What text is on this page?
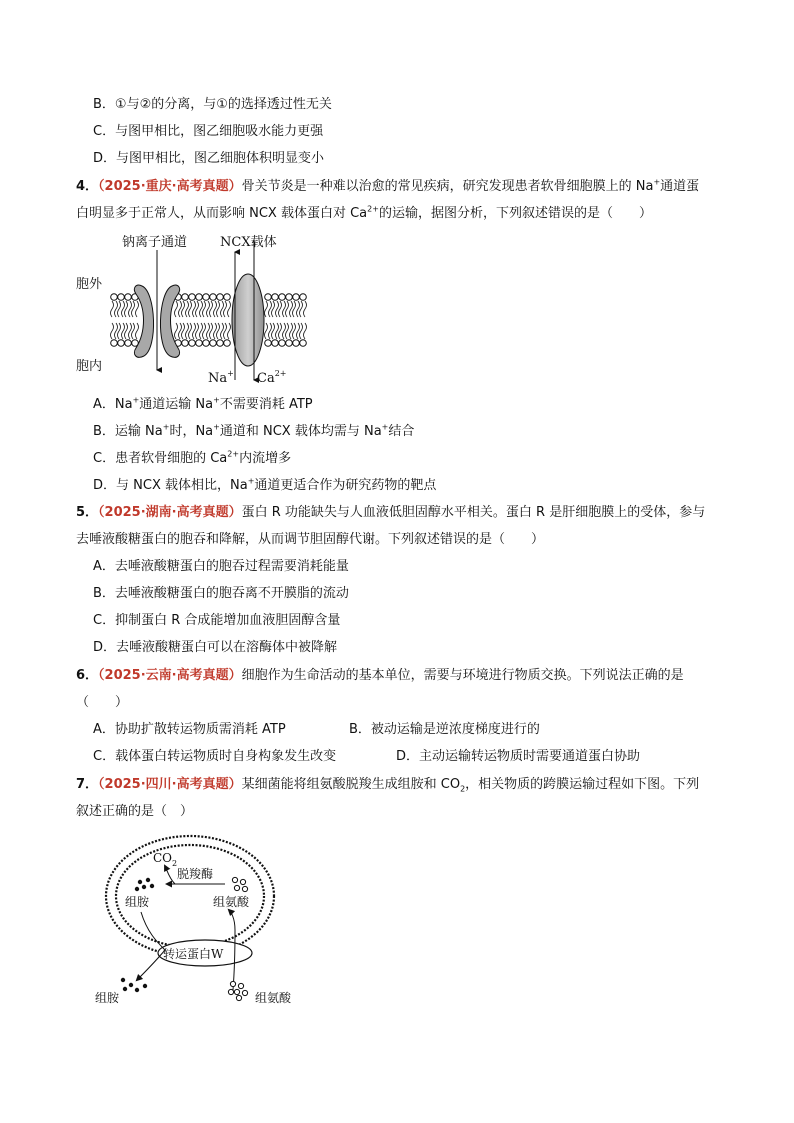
B．①与②的分离，与①的选择透过性无关
C．与图甲相比，图乙细胞吸水能力更强
D．与图甲相比，图乙细胞体积明显变小
4．（2025·重庆·高考真题）骨关节炎是一种难以治愈的常见疾病，研究发现患者软骨细胞膜上的 Na+通道蛋
白明显多于正常人，从而影响 NCX 载体蛋白对 $Ca^{2+}$的运输，据图分析，下列叙述错误的是（　　）
钠离子通道	NCX载体
胞外
胞内
Na+ $Ca^{2+}$
A．Na+通道运输 Na+不需要消耗 ATP
B．运输 Na+时，Na+通道和 NCX 载体均需与 Na+结合
C．患者软骨细胞的 $Ca^{2+}$内流增多
D．与 NCX 载体相比，Na+通道更适合作为研究药物的靶点
5．（2025·湖南·高考真题）蛋白 R 功能缺失与人血液低胆固醇水平相关。蛋白 R 是肝细胞膜上的受体，参与
去唾液酸糖蛋白的胞吞和降解，从而调节胆固醇代谢。下列叙述错误的是（　　）
A．去唾液酸糖蛋白的胞吞过程需要消耗能量
B．去唾液酸糖蛋白的胞吞离不开膜脂的流动
C．抑制蛋白 R 合成能增加血液胆固醇含量
D．去唾液酸糖蛋白可以在溶酶体中被降解
6．（2025·云南·高考真题）细胞作为生命活动的基本单位，需要与环境进行物质交换。下列说法正确的是
（　　）
A．协助扩散转运物质需消耗 ATP	B．被动运输是逆浓度梯度进行的
C．载体蛋白转运物质时自身构象发生改变	D．主动运输转运物质时需要通道蛋白协助
7．（2025·四川·高考真题）某细菌能将组氨酸脱羧生成组胺和 $CO_2$，相关物质的跨膜运输过程如下图。下列
叙述正确的是（　）
转运蛋白W
脱羧酶
$CO_2$
组胺	组氨酸
组胺	组氨酸
